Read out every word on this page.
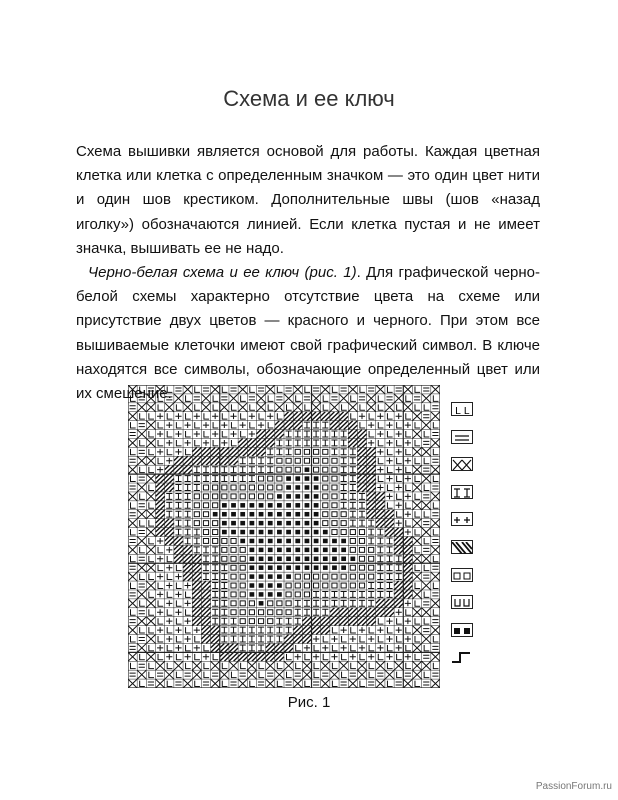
Схема и ее ключ

Схема вышивки является основой для работы. Каждая цветная клетка или клетка с определенным значком — это один цвет нити и один шов крестиком. Дополнительные швы (шов «назад иголку») обозначаются линией. Если клетка пустая и не имеет значка, вышивать ее не надо.

Черно-белая схема и ее ключ (рис. 1). Для графической черно-белой схемы характерно отсутствие цвета на схеме или присутствие двух цветов — красного и черного. При этом все вышиваемые клеточки имеют свой графический символ. В ключе находятся все символы, обозначающие определенный цвет или их смешение.

L L
Рис. 1
PassionForum.ru
